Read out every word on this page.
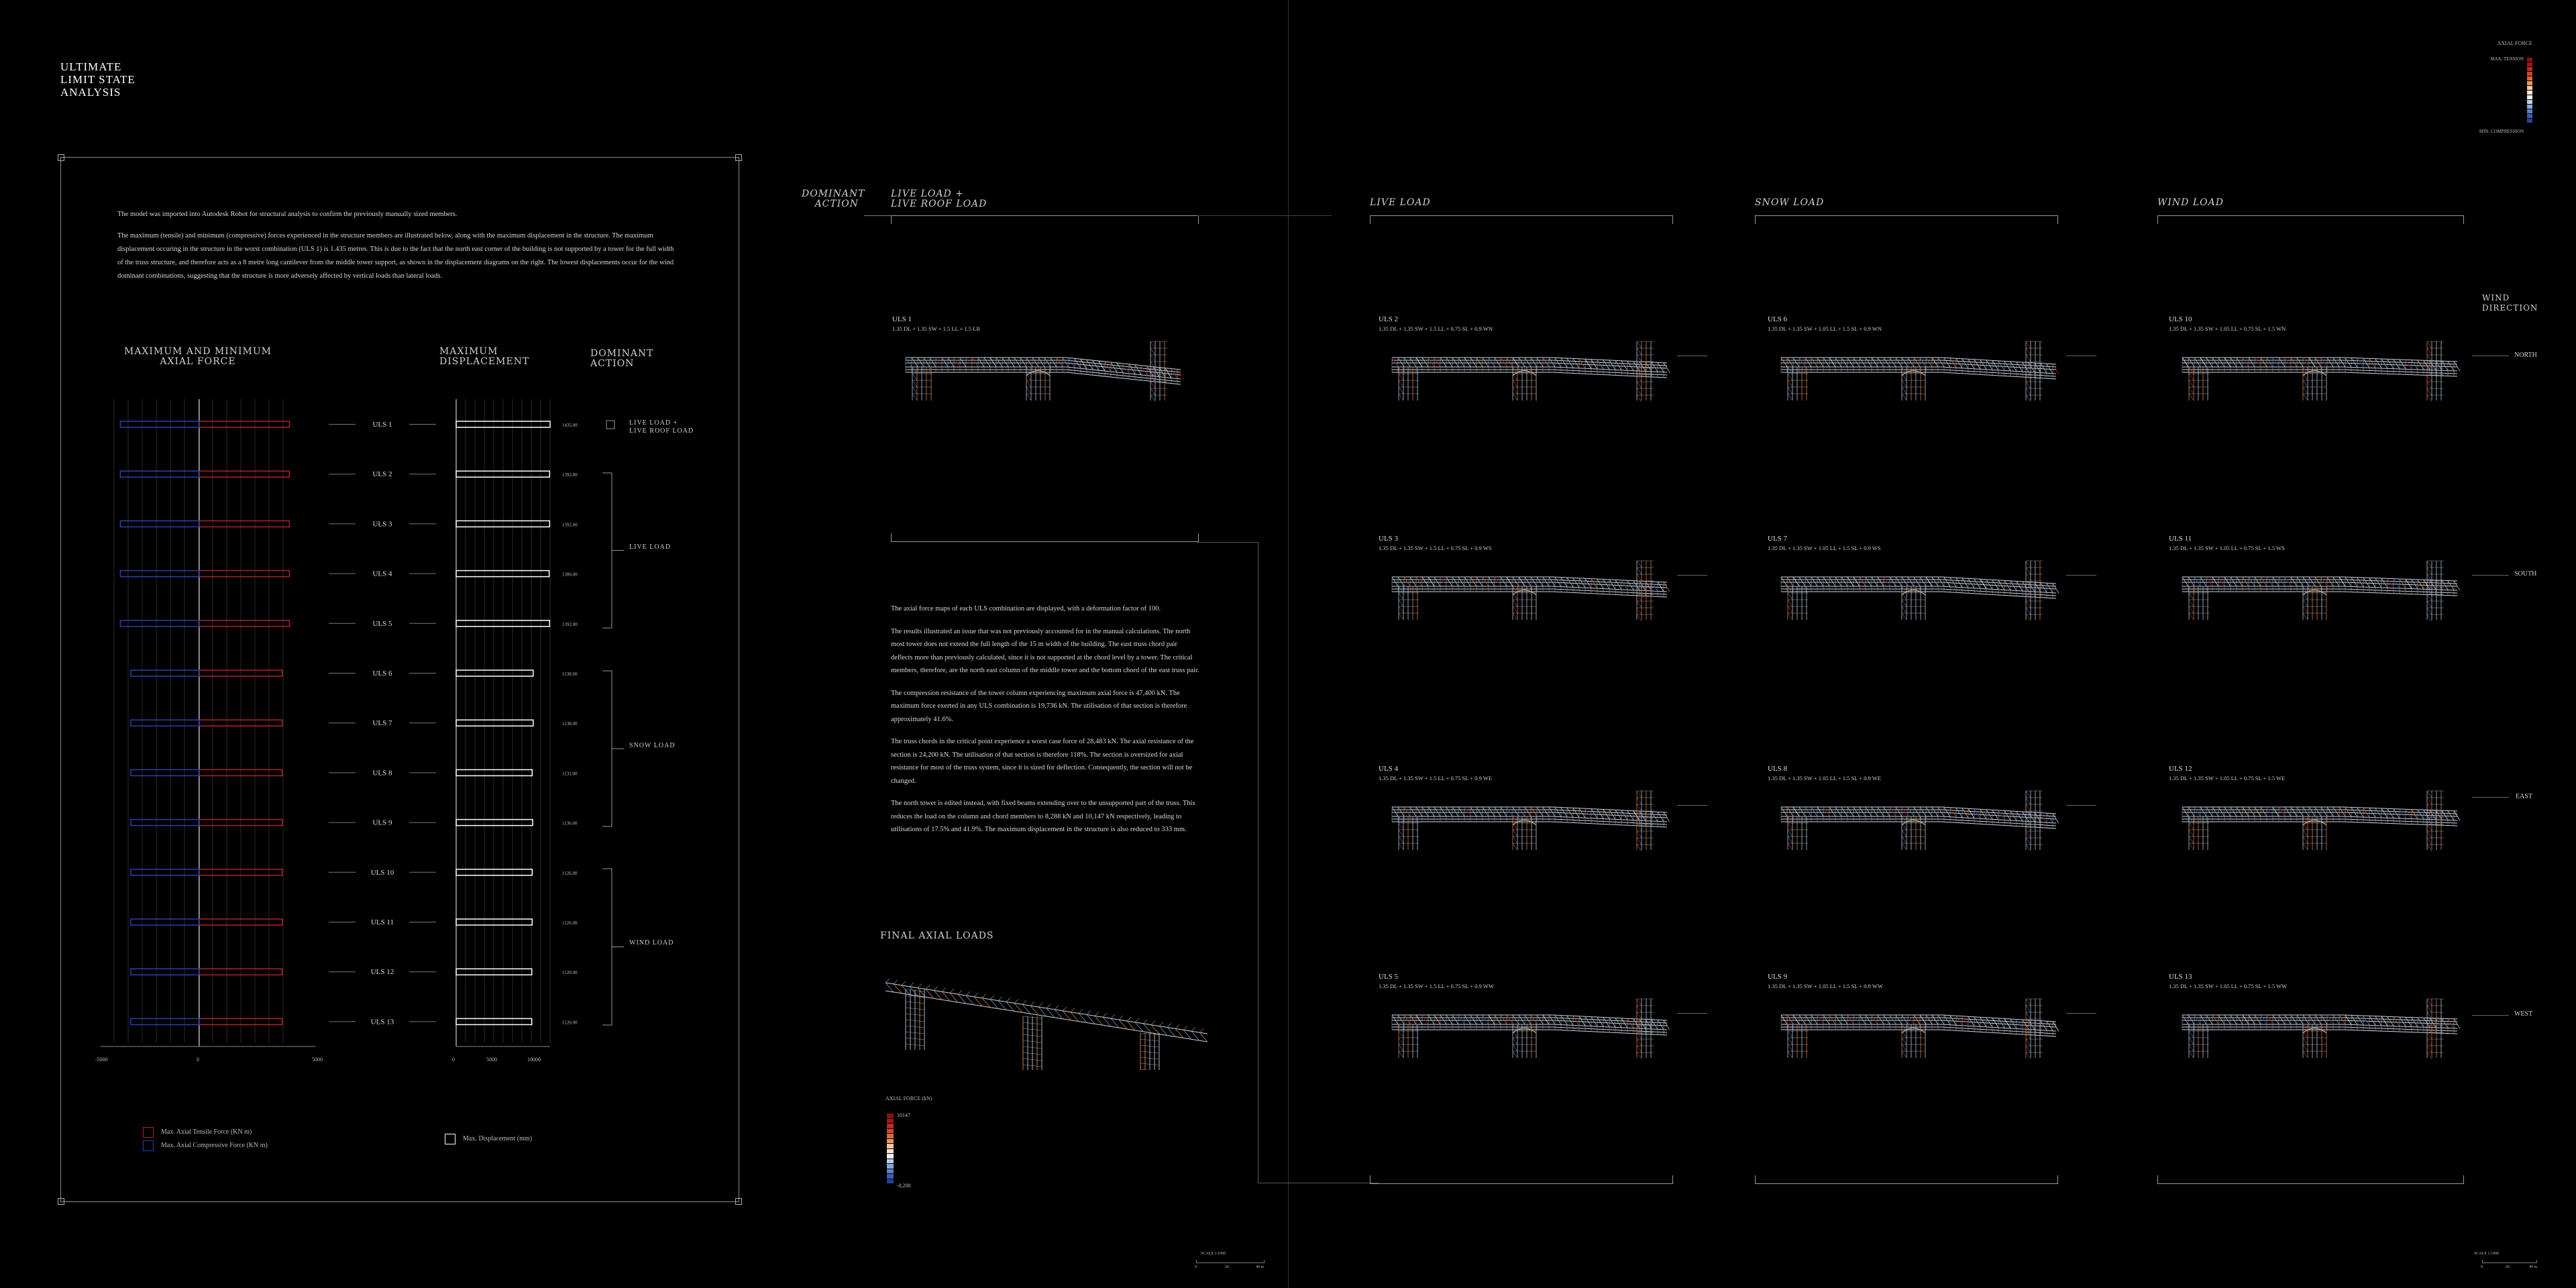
ULTIMATE
LIMIT STATE
ANALYSIS
The model was imported into Autodesk Robot for structural analysis to confirm the previously manually sized members.
The maximum (tensile) and minimum (compressive) forces experienced in the structure members are illustrated below, along with the maximum displacement in the structure. The maximum displacement occuring in the structure in the worst combination (ULS 1) is 1.435 metres. This is due to the fact that the north east corner of the building is not supported by a tower for the full width of the truss structure, and therefore acts as a 8 metre long cantilever from the middle tower support, as shown in the displacement diagrams on the right. The lowest displacements occur for the wind dominant combinations, suggesting that the structure is more adversely affected by vertical loads than lateral loads.
MAXIMUM AND MINIMUM
AXIAL FORCE
MAXIMUM
DISPLACEMENT
DOMINANT
ACTION
ULS 1	1435.00
ULS 2	1392.00
ULS 3	1392.00
ULS 4	1386.00
ULS 5	1392.00
ULS 6	1138.00
ULS 7	1138.00
ULS 8	1131.00
ULS 9	1136.00
ULS 10	1126.00
ULS 11	1126.00
ULS 12	1120.00
ULS 13	1120.00
LIVE LOAD +
LIVE ROOF LOAD
LIVE LOAD
SNOW LOAD
WIND LOAD
-5000	0	5000	0	5000	10000
Max. Axial Tensile Force (KN m)
Max. Axial Compressive Force (KN m)
Max. Displacement (mm)
DOMINANT
ACTION
LIVE LOAD +
LIVE ROOF LOAD
ULS 1
1.35 DL + 1.35 SW + 1.5 LL + 1.5 LR
The axial force maps of each ULS combination are displayed, with a deformation factor of 100.
The results illustrated an issue that was not previously accounted for in the manual calculations. The north most tower does not extend the full length of the 15 m width of the building. The east truss chord pair deflects more than previously calculated, since it is not supported at the chord level by a tower. The critical members, therefore, are the north east column of the middle tower and the bottom chord of the east truss pair.
The compression resistance of the tower column experiencing maximum axial force is 47,400 kN. The maximum force exerted in any ULS combination is 19,736 kN. The utilisation of that section is therefore approximately 41.6%.
The truss chords in the critical point experience a worst case force of 28,483 kN. The axial resistance of the section is 24,200 kN. The utilisation of that section is therefore 118%. The section is oversized for axial resistance for most of the truss system, since it is sized for deflection. Consequently, the section will not be changed.
The north tower is edited instead, with fixed beams extending over to the unsupported part of the truss. This reduces the load on the column and chord members to 8,288 kN and 10,147 kN respectively, leading to utilisations of 17.5% and 41.9%. The maximum displacement in the structure is also reduced to 333 mm.
FINAL AXIAL LOADS
AXIAL FORCE (kN)
10147
-8,288
LIVE LOAD	SNOW LOAD	WIND LOAD
ULS 2
1.35 DL + 1.35 SW + 1.5 LL + 0.75 SL + 0.9 WN
ULS 6
1.35 DL + 1.35 SW + 1.05 LL + 1.5 SL + 0.9 WN
ULS 10
1.35 DL + 1.35 SW + 1.05 LL + 0.75 SL + 1.5 WN
ULS 3
1.35 DL + 1.35 SW + 1.5 LL + 0.75 SL + 0.9 WS
ULS 7
1.35 DL + 1.35 SW + 1.05 LL + 1.5 SL + 0.9 WS
ULS 11
1.35 DL + 1.35 SW + 1.05 LL + 0.75 SL + 1.5 WS
ULS 4
1.35 DL + 1.35 SW + 1.5 LL + 0.75 SL + 0.9 WE
ULS 8
1.35 DL + 1.35 SW + 1.05 LL + 1.5 SL + 0.9 WE
ULS 12
1.35 DL + 1.35 SW + 1.05 LL + 0.75 SL + 1.5 WE
ULS 5
1.35 DL + 1.35 SW + 1.5 LL + 0.75 SL + 0.9 WW
ULS 9
1.35 DL + 1.35 SW + 1.05 LL + 1.5 SL + 0.9 WW
ULS 13
1.35 DL + 1.35 SW + 1.05 LL + 0.75 SL + 1.5 WW
WIND
DIRECTION
NORTH
SOUTH
EAST
WEST
AXIAL FORCE
MAX. TENSION
MIN. COMPRESSION
SCALE 1:1000
0	20	40 m
SCALE 1:1000
0	20	40 m
